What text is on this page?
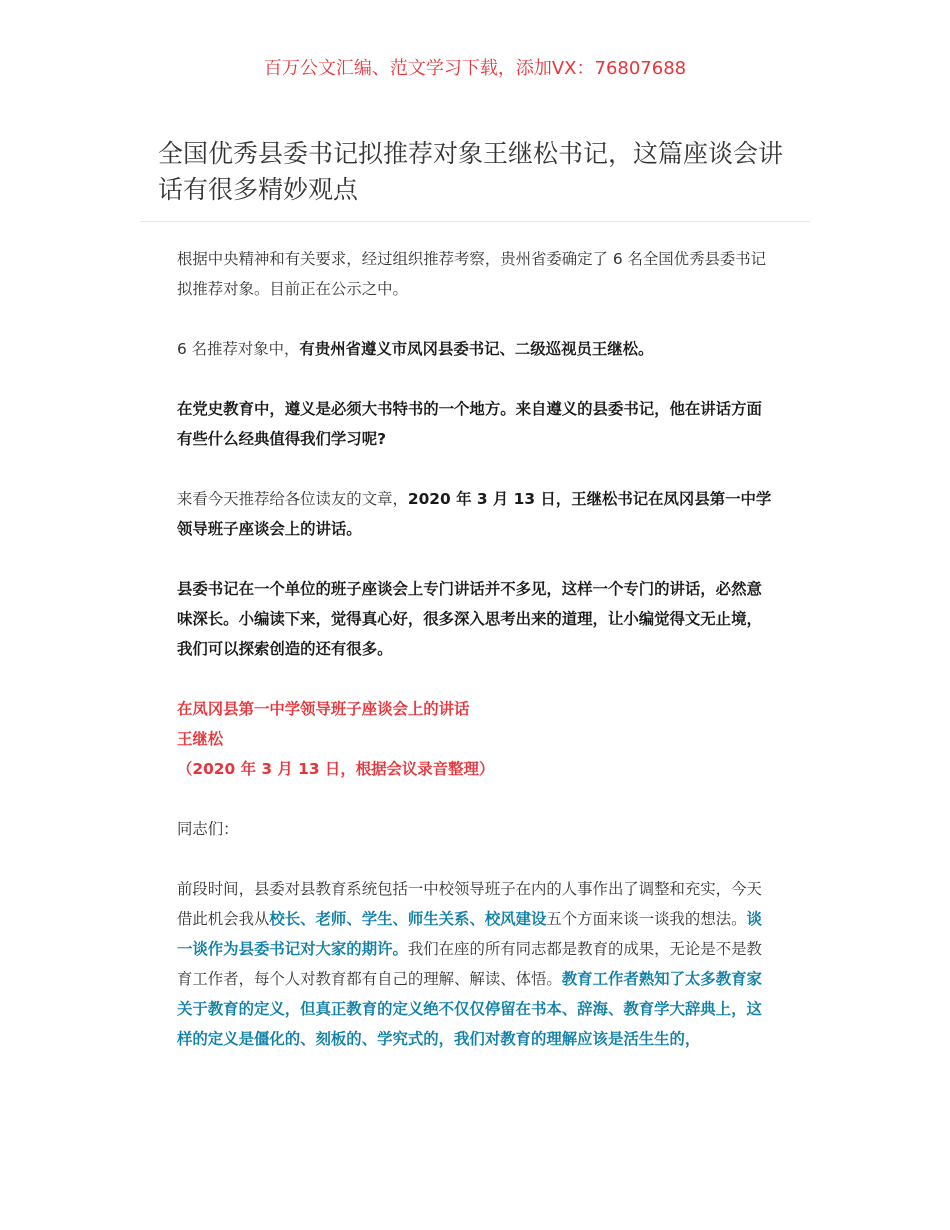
百万公文汇编、范文学习下载，添加VX：76807688
全国优秀县委书记拟推荐对象王继松书记，这篇座谈会讲话有很多精妙观点

根据中央精神和有关要求，经过组织推荐考察，贵州省委确定了 6 名全国优秀县委书记拟推荐对象。目前正在公示之中。

6 名推荐对象中，有贵州省遵义市凤冈县委书记、二级巡视员王继松。

在党史教育中，遵义是必须大书特书的一个地方。来自遵义的县委书记，他在讲话方面有些什么经典值得我们学习呢?

来看今天推荐给各位读友的文章，2020 年 3 月 13 日，王继松书记在凤冈县第一中学领导班子座谈会上的讲话。

县委书记在一个单位的班子座谈会上专门讲话并不多见，这样一个专门的讲话，必然意味深长。小编读下来，觉得真心好，很多深入思考出来的道理，让小编觉得文无止境，我们可以探索创造的还有很多。

在凤冈县第一中学领导班子座谈会上的讲话
王继松
（2020 年 3 月 13 日，根据会议录音整理）

同志们：

前段时间，县委对县教育系统包括一中校领导班子在内的人事作出了调整和充实，今天借此机会我从校长、老师、学生、师生关系、校风建设五个方面来谈一谈我的想法。谈一谈作为县委书记对大家的期许。我们在座的所有同志都是教育的成果，无论是不是教育工作者，每个人对教育都有自己的理解、解读、体悟。教育工作者熟知了太多教育家关于教育的定义，但真正教育的定义绝不仅仅停留在书本、辞海、教育学大辞典上，这样的定义是僵化的、刻板的、学究式的，我们对教育的理解应该是活生生的，
